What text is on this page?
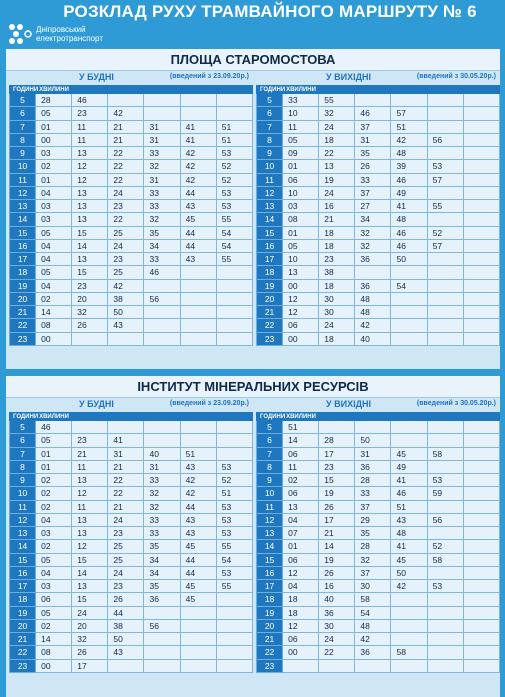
РОЗКЛАД РУХУ ТРАМВАЙНОГО МАРШРУТУ № 6
Дніпровський
електротранспорт
ПЛОЩА СТАРОМОСТОВА
У БУДНІ	(введений з 23.09.20р.)
ГОДИНИ	ХВИЛИНИ					
5	28	46				
6	05	23	42			
7	01	11	21	31	41	51
8	00	11	21	31	41	51
9	03	13	22	33	42	53
10	02	12	22	32	42	52
11	01	12	22	31	42	52
12	04	13	24	33	44	53
13	03	13	23	33	43	53
14	03	13	22	32	45	55
15	05	15	25	35	44	54
16	04	14	24	34	44	54
17	04	13	23	33	43	55
18	05	15	25	46		
19	04	23	42			
20	02	20	38	56		
21	14	32	50			
22	08	26	43			
23	00					
У ВИХІДНІ	(введений з 30.05.20р.)
ГОДИНИ	ХВИЛИНИ					
5	33	55				
6	10	32	46	57		
7	11	24	37	51		
8	05	18	31	42	56	
9	09	22	35	48		
10	01	13	26	39	53	
11	06	19	33	46	57	
12	10	24	37	49		
13	03	16	27	41	55	
14	08	21	34	48		
15	01	18	32	46	52	
16	05	18	32	46	57	
17	10	23	36	50		
18	13	38				
19	00	18	36	54		
20	12	30	48			
21	12	30	48			
22	06	24	42			
23	00	18	40			
ІНСТИТУТ МІНЕРАЛЬНИХ РЕСУРСІВ
У БУДНІ	(введений з 23.09.20р.)
ГОДИНИ	ХВИЛИНИ					
5	46					
6	05	23	41			
7	01	21	31	40	51	
8	01	11	21	31	43	53
9	02	13	22	33	42	52
10	02	12	22	32	42	51
11	02	11	21	32	44	53
12	04	13	24	33	43	53
13	03	13	23	33	43	53
14	02	12	25	35	45	55
15	05	15	25	34	44	54
16	04	14	24	34	44	53
17	03	13	23	35	45	55
18	06	15	26	36	45	
19	05	24	44			
20	02	20	38	56		
21	14	32	50			
22	08	26	43			
23	00	17				
У ВИХІДНІ	(введений з 30.05.20р.)
ГОДИНИ	ХВИЛИНИ					
5	51					
6	14	28	50			
7	06	17	31	45	58	
8	11	23	36	49		
9	02	15	28	41	53	
10	06	19	33	46	59	
11	13	26	37	51		
12	04	17	29	43	56	
13	07	21	35	48		
14	01	14	28	41	52	
15	06	19	32	45	58	
16	12	26	37	50		
17	04	16	30	42	53	
18	18	40	58			
19	18	36	54			
20	12	30	48			
21	06	24	42			
22	00	22	36	58		
23						
